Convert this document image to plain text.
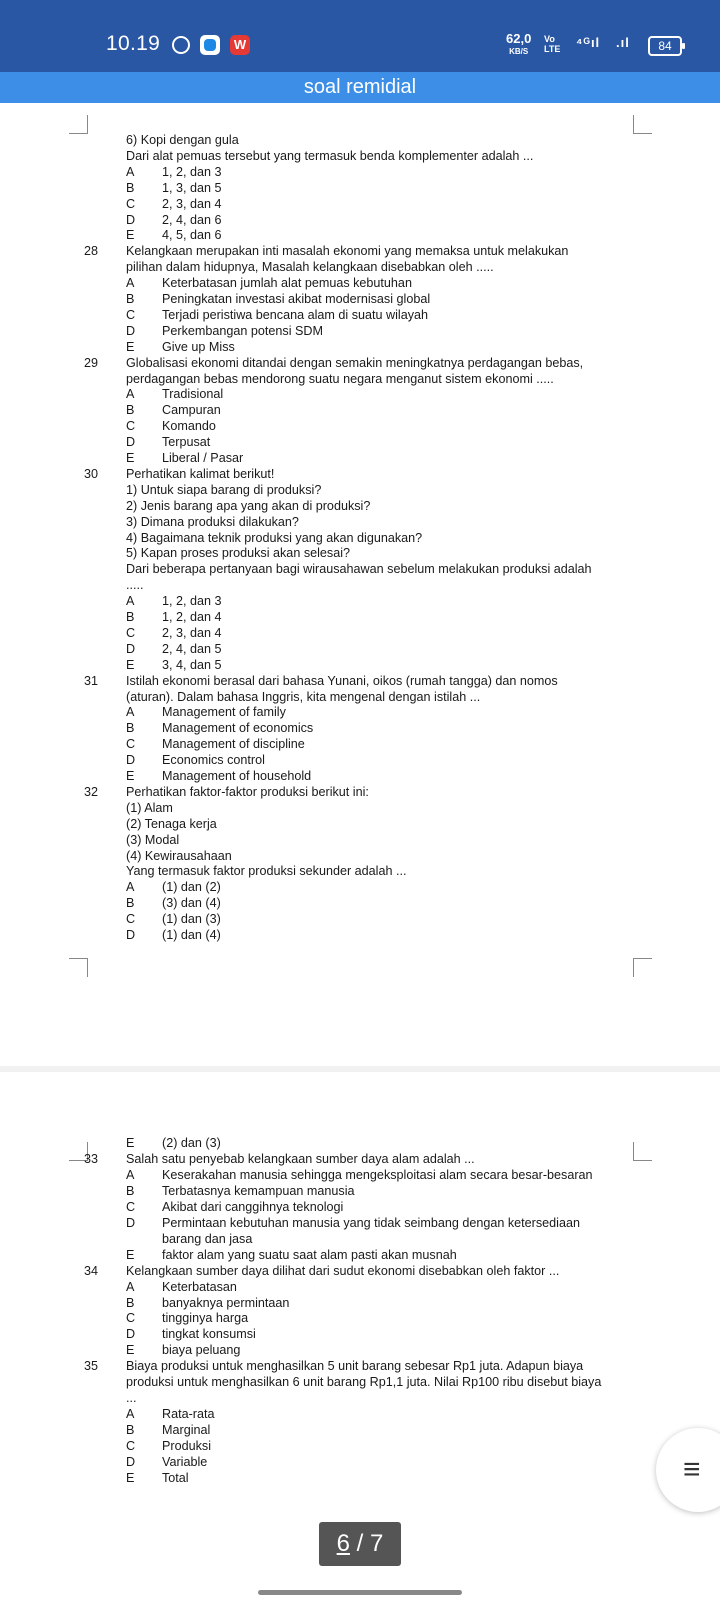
10.19	W	62,0
KB/S
Vo
LTE ⁴ᴳıl .ıl	84
soal remidial
6) Kopi dengan gula
Dari alat pemuas tersebut yang termasuk benda komplementer adalah ...
A 1, 2, dan 3
B 1, 3, dan 5
C 2, 3, dan 4
D 2, 4, dan 6
E 4, 5, dan 6
28 Kelangkaan merupakan inti masalah ekonomi yang memaksa untuk melakukan
pilihan dalam hidupnya, Masalah kelangkaan disebabkan oleh .....
A Keterbatasan jumlah alat pemuas kebutuhan
B Peningkatan investasi akibat modernisasi global
C Terjadi peristiwa bencana alam di suatu wilayah
D Perkembangan potensi SDM
E Give up Miss
29 Globalisasi ekonomi ditandai dengan semakin meningkatnya perdagangan bebas,
perdagangan bebas mendorong suatu negara menganut sistem ekonomi .....
A Tradisional
B Campuran
C Komando
D Terpusat
E Liberal / Pasar
30 Perhatikan kalimat berikut!
1) Untuk siapa barang di produksi?
2) Jenis barang apa yang akan di produksi?
3) Dimana produksi dilakukan?
4) Bagaimana teknik produksi yang akan digunakan?
5) Kapan proses produksi akan selesai?
Dari beberapa pertanyaan bagi wirausahawan sebelum melakukan produksi adalah
.....
A 1, 2, dan 3
B 1, 2, dan 4
C 2, 3, dan 4
D 2, 4, dan 5
E 3, 4, dan 5
31 Istilah ekonomi berasal dari bahasa Yunani, oikos (rumah tangga) dan nomos
(aturan). Dalam bahasa Inggris, kita mengenal dengan istilah ...
A Management of family
B Management of economics
C Management of discipline
D Economics control
E Management of household
32 Perhatikan faktor-faktor produksi berikut ini:
(1) Alam
(2) Tenaga kerja
(3) Modal
(4) Kewirausahaan
Yang termasuk faktor produksi sekunder adalah ...
A (1) dan (2)
B (3) dan (4)
C (1) dan (3)
D (1) dan (4)
E (2) dan (3)
33 Salah satu penyebab kelangkaan sumber daya alam adalah ...
A Keserakahan manusia sehingga mengeksploitasi alam secara besar-besaran
B Terbatasnya kemampuan manusia
C Akibat dari canggihnya teknologi
D Permintaan kebutuhan manusia yang tidak seimbang dengan ketersediaan
barang dan jasa
E faktor alam yang suatu saat alam pasti akan musnah
34 Kelangkaan sumber daya dilihat dari sudut ekonomi disebabkan oleh faktor ...
A Keterbatasan
B banyaknya permintaan
C tingginya harga
D tingkat konsumsi
E biaya peluang
35 Biaya produksi untuk menghasilkan 5 unit barang sebesar Rp1 juta. Adapun biaya
produksi untuk menghasilkan 6 unit barang Rp1,1 juta. Nilai Rp100 ribu disebut biaya
...
A Rata-rata
B Marginal
C Produksi
D Variable
E Total
6 / 7
≡
